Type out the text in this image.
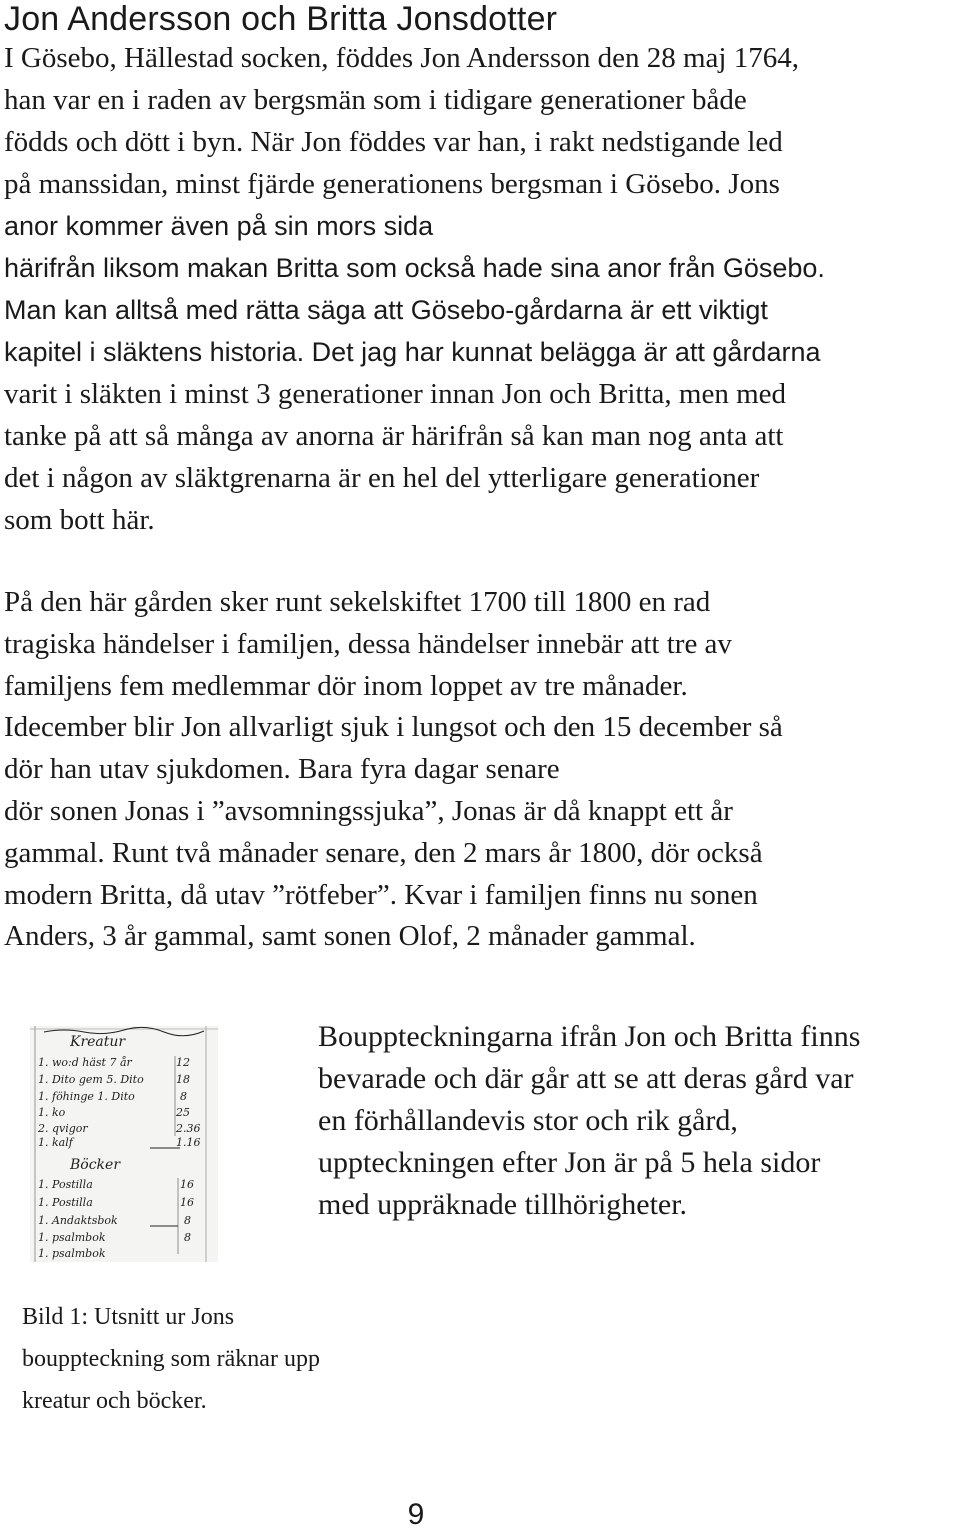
Jon Andersson och Britta Jonsdotter

I Gösebo, Hällestad socken, föddes Jon Andersson den 28 maj 1764,
han var en i raden av bergsmän som i tidigare generationer både
födds och dött i byn. När Jon föddes var han, i rakt nedstigande led
på manssidan, minst fjärde generationens bergsman i Gösebo. Jons
anor kommer även på sin mors sida
härifrån liksom makan Britta som också hade sina anor från Gösebo.
Man kan alltså med rätta säga att Gösebo-gårdarna är ett viktigt
kapitel i släktens historia. Det jag har kunnat belägga är att gårdarna
varit i släkten i minst 3 generationer innan Jon och Britta, men med
tanke på att så många av anorna är härifrån så kan man nog anta att
det i någon av släktgrenarna är en hel del ytterligare generationer
som bott här.

På den här gården sker runt sekelskiftet 1700 till 1800 en rad
tragiska händelser i familjen, dessa händelser innebär att tre av
familjens fem medlemmar dör inom loppet av tre månader.
Idecember blir Jon allvarligt sjuk i lungsot och den 15 december så
dör han utav sjukdomen. Bara fyra dagar senare
dör sonen Jonas i ”avsomningssjuka”, Jonas är då knappt ett år
gammal. Runt två månader senare, den 2 mars år 1800, dör också
modern Britta, då utav ”rötfeber”. Kvar i familjen finns nu sonen
Anders, 3 år gammal, samt sonen Olof, 2 månader gammal.

Kreatur
1. wo:d häst 7 år	12
1. Dito gem 5. Dito	18
1. föhinge 1. Dito	8
1. ko	25
2. qvigor	2.36
1. kalf	1.16
Böcker
1. Postilla	16
1. Postilla	16
1. Andaktsbok	8
1. psalmbok	8
1. psalmbok

Bouppteckningarna ifrån Jon och Britta finns
bevarade och där går att se att deras gård var
en förhållandevis stor och rik gård,
uppteckningen efter Jon är på 5 hela sidor
med uppräknade tillhörigheter.

Bild 1: Utsnitt ur Jons
bouppteckning som räknar upp
kreatur och böcker.

9
